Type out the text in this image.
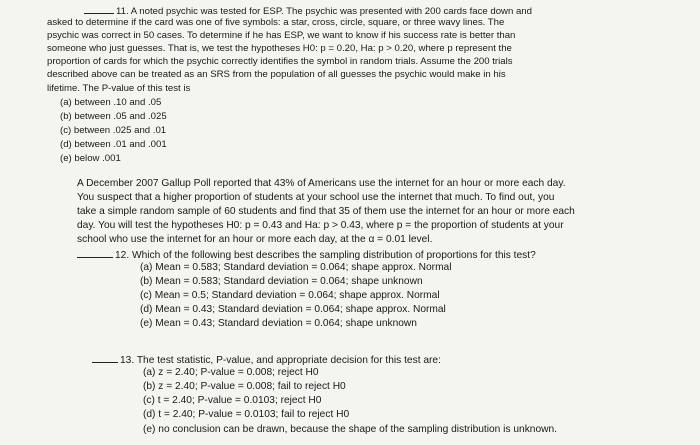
11. A noted psychic was tested for ESP. The psychic was presented with 200 cards face down and
asked to determine if the card was one of five symbols: a star, cross, circle, square, or three wavy lines. The
psychic was correct in 50 cases. To determine if he has ESP, we want to know if his success rate is better than
someone who just guesses. That is, we test the hypotheses H0: p = 0.20, Ha: p > 0.20, where p represent the
proportion of cards for which the psychic correctly identifies the symbol in random trials. Assume the 200 trials
described above can be treated as an SRS from the population of all guesses the psychic would make in his
lifetime. The P-value of this test is
(a) between .10 and .05
(b) between .05 and .025
(c) between .025 and .01
(d) between .01 and .001
(e) below .001
A December 2007 Gallup Poll reported that 43% of Americans use the internet for an hour or more each day.
You suspect that a higher proportion of students at your school use the internet that much. To find out, you
take a simple random sample of 60 students and find that 35 of them use the internet for an hour or more each
day. You will test the hypotheses H0: p = 0.43 and Ha: p > 0.43, where p = the proportion of students at your
school who use the internet for an hour or more each day, at the α = 0.01 level.
12. Which of the following best describes the sampling distribution of proportions for this test?
(a) Mean = 0.583; Standard deviation = 0.064; shape approx. Normal
(b) Mean = 0.583; Standard deviation = 0.064; shape unknown
(c) Mean = 0.5; Standard deviation = 0.064; shape approx. Normal
(d) Mean = 0.43; Standard deviation = 0.064; shape approx. Normal
(e) Mean = 0.43; Standard deviation = 0.064; shape unknown
13. The test statistic, P-value, and appropriate decision for this test are:
(a) z = 2.40; P-value = 0.008; reject H0
(b) z = 2.40; P-value = 0.008; fail to reject H0
(c) t = 2.40; P-value = 0.0103; reject H0
(d) t = 2.40; P-value = 0.0103; fail to reject H0
(e) no conclusion can be drawn, because the shape of the sampling distribution is unknown.
